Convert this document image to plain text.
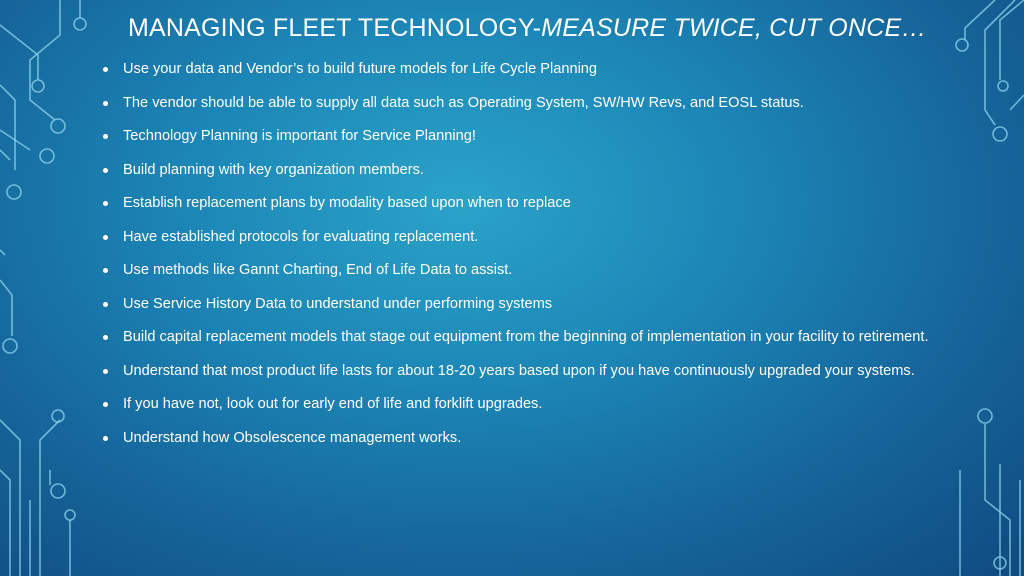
MANAGING FLEET TECHNOLOGY-MEASURE TWICE, CUT ONCE…
Use your data and Vendor’s to build future models for Life Cycle Planning
The vendor should be able to supply all data such as Operating System, SW/HW Revs, and EOSL status.
Technology Planning is important for Service Planning!
Build planning with key organization members.
Establish replacement plans by modality based upon when to replace
Have established protocols for evaluating replacement.
Use methods like Gannt Charting, End of Life Data to assist.
Use Service History Data to understand under performing systems
Build capital replacement models that stage out equipment from the beginning of implementation in your facility to retirement.
Understand that most product life lasts for about 18-20 years based upon if you have continuously upgraded your systems.
If you have not, look out for early end of life and forklift upgrades.
Understand how Obsolescence management works.
